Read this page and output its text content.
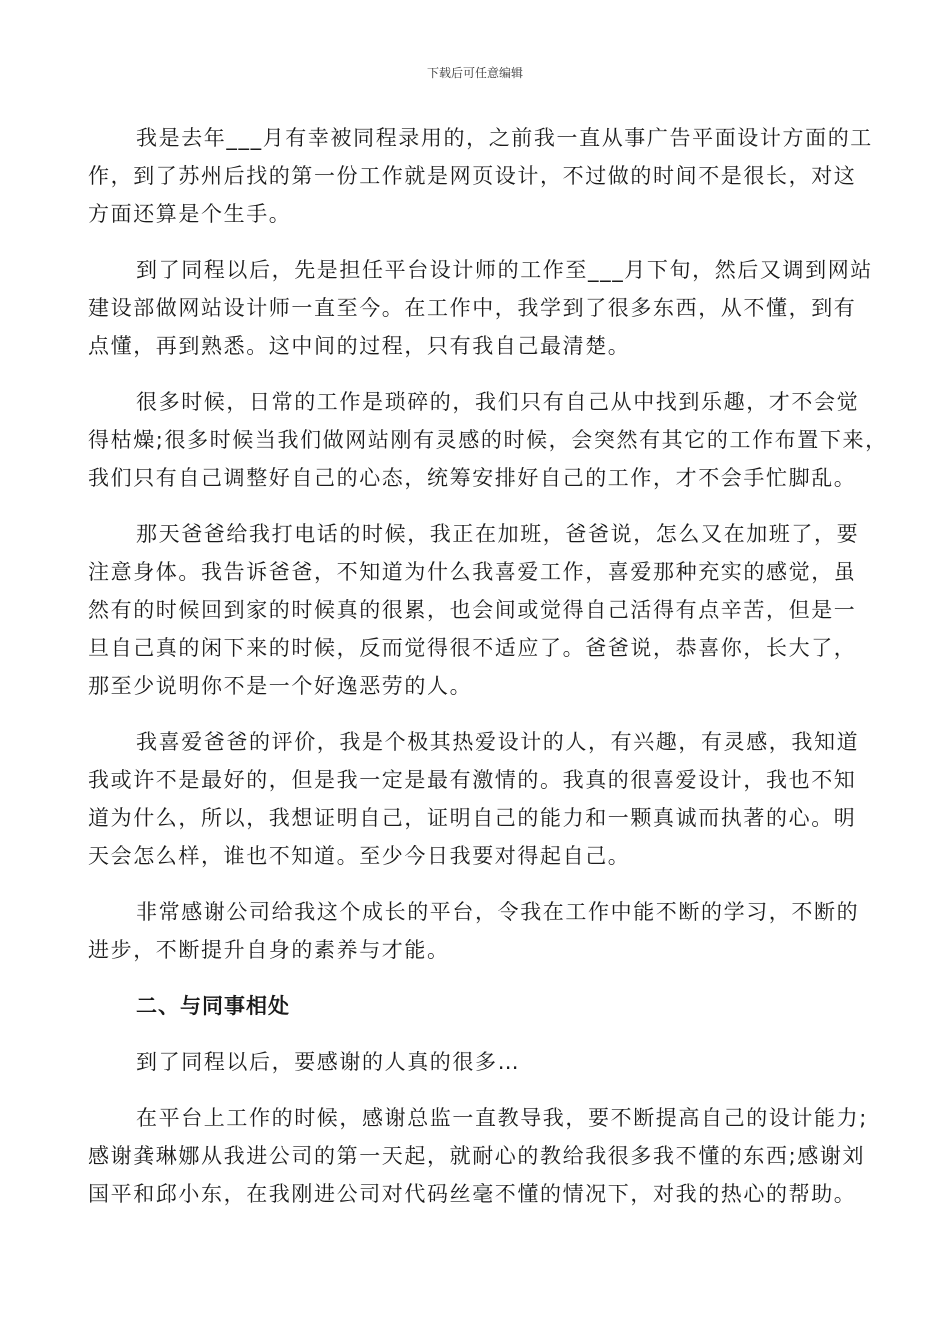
下载后可任意编辑
我是去年___月有幸被同程录用的，之前我一直从事广告平面设计方面的工
作，到了苏州后找的第一份工作就是网页设计，不过做的时间不是很长，对这
方面还算是个生手。
到了同程以后，先是担任平台设计师的工作至___月下旬，然后又调到网站
建设部做网站设计师一直至今。在工作中，我学到了很多东西，从不懂，到有
点懂，再到熟悉。这中间的过程，只有我自己最清楚。
很多时候，日常的工作是琐碎的，我们只有自己从中找到乐趣，才不会觉
得枯燥;很多时候当我们做网站刚有灵感的时候，会突然有其它的工作布置下来，
我们只有自己调整好自己的心态，统筹安排好自己的工作，才不会手忙脚乱。
那天爸爸给我打电话的时候，我正在加班，爸爸说，怎么又在加班了，要
注意身体。我告诉爸爸，不知道为什么我喜爱工作，喜爱那种充实的感觉，虽
然有的时候回到家的时候真的很累，也会间或觉得自己活得有点辛苦，但是一
旦自己真的闲下来的时候，反而觉得很不适应了。爸爸说，恭喜你，长大了，
那至少说明你不是一个好逸恶劳的人。
我喜爱爸爸的评价，我是个极其热爱设计的人，有兴趣，有灵感，我知道
我或许不是最好的，但是我一定是最有激情的。我真的很喜爱设计，我也不知
道为什么，所以，我想证明自己，证明自己的能力和一颗真诚而执著的心。明
天会怎么样，谁也不知道。至少今日我要对得起自己。
非常感谢公司给我这个成长的平台，令我在工作中能不断的学习，不断的
进步，不断提升自身的素养与才能。
二、与同事相处
到了同程以后，要感谢的人真的很多…
在平台上工作的时候，感谢总监一直教导我，要不断提高自己的设计能力;
感谢龚琳娜从我进公司的第一天起，就耐心的教给我很多我不懂的东西;感谢刘
国平和邱小东，在我刚进公司对代码丝毫不懂的情况下，对我的热心的帮助。
